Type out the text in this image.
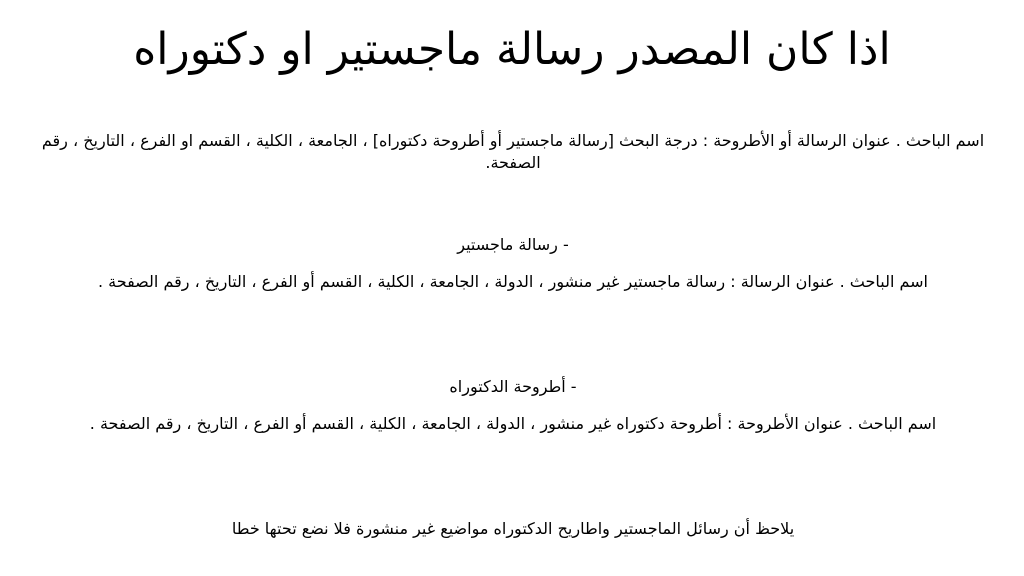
اذا كان المصدر رسالة ماجستير او دكتوراه

اسم الباحث . عنوان الرسالة أو الأطروحة : درجة البحث [رسالة ماجستير أو أطروحة دكتوراه] ، الجامعة ، الكلية ، القسم او الفرع ، التاريخ ، رقم الصفحة.

- رسالة ماجستير

اسم الباحث . عنوان الرسالة : رسالة ماجستير غير منشور ، الدولة ، الجامعة ، الكلية ، القسم أو الفرع ، التاريخ ، رقم الصفحة .

- أطروحة الدكتوراه

اسم الباحث . عنوان الأطروحة : أطروحة دكتوراه غير منشور ، الدولة ، الجامعة ، الكلية ، القسم أو الفرع ، التاريخ ، رقم الصفحة .

يلاحظ أن رسائل الماجستير واطاريح الدكتوراه مواضيع غير منشورة فلا نضع تحتها خطا
